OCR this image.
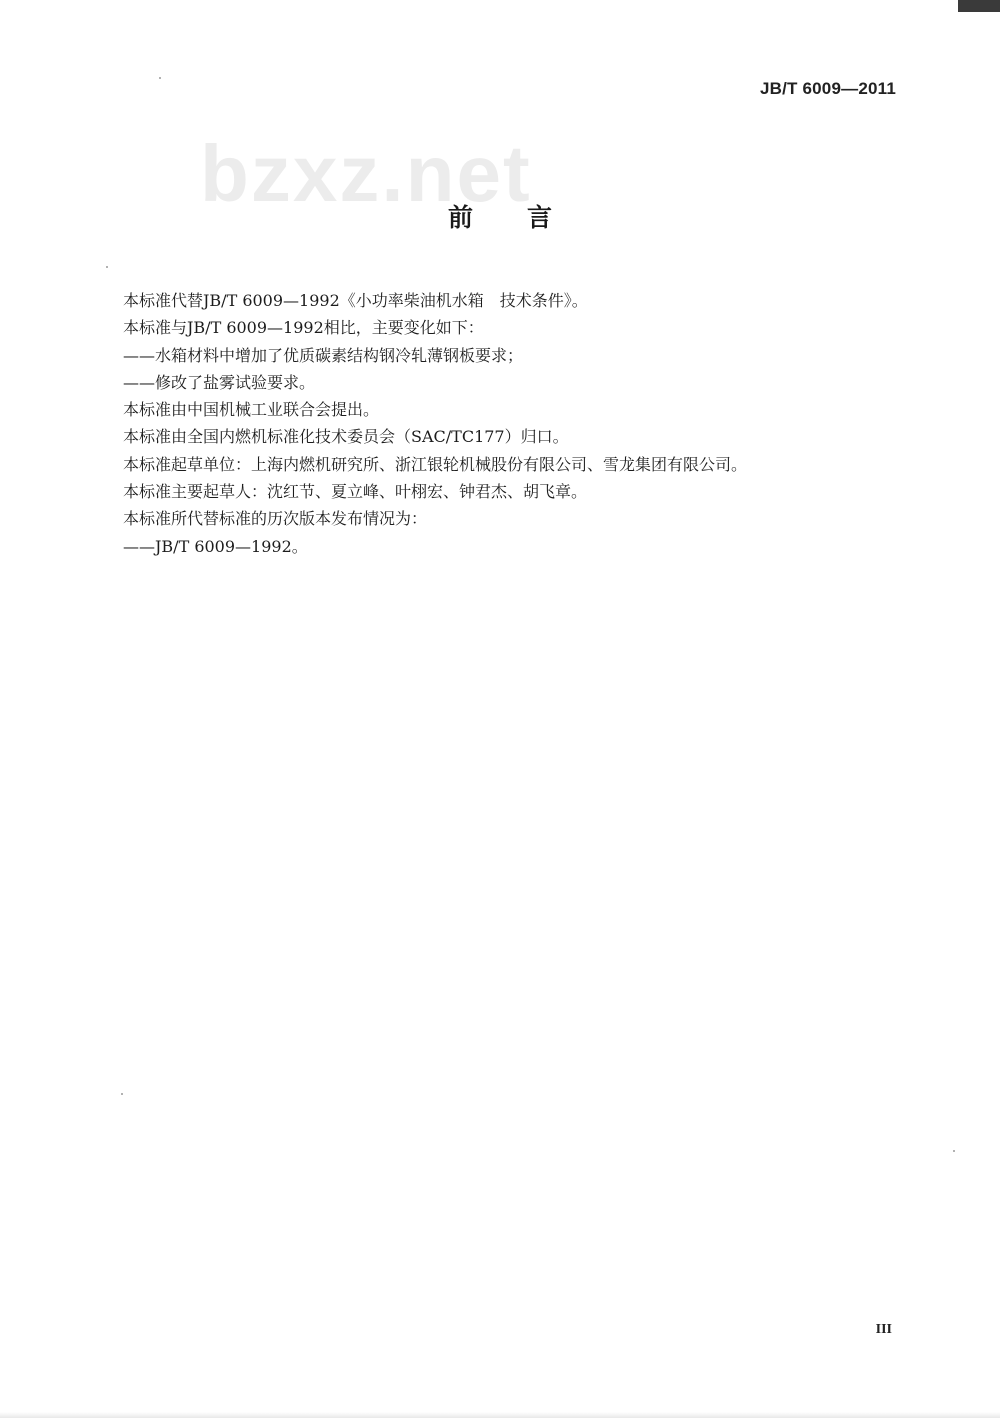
JB/T 6009—2011
bzxz.net
前言
本标准代替JB/T 6009—1992《小功率柴油机水箱　技术条件》。
本标准与JB/T 6009—1992相比，主要变化如下：
——水箱材料中增加了优质碳素结构钢冷轧薄钢板要求；
——修改了盐雾试验要求。
本标准由中国机械工业联合会提出。
本标准由全国内燃机标准化技术委员会（SAC/TC177）归口。
本标准起草单位：上海内燃机研究所、浙江银轮机械股份有限公司、雪龙集团有限公司。
本标准主要起草人：沈红节、夏立峰、叶栩宏、钟君杰、胡飞章。
本标准所代替标准的历次版本发布情况为：
——JB/T 6009—1992。
III
